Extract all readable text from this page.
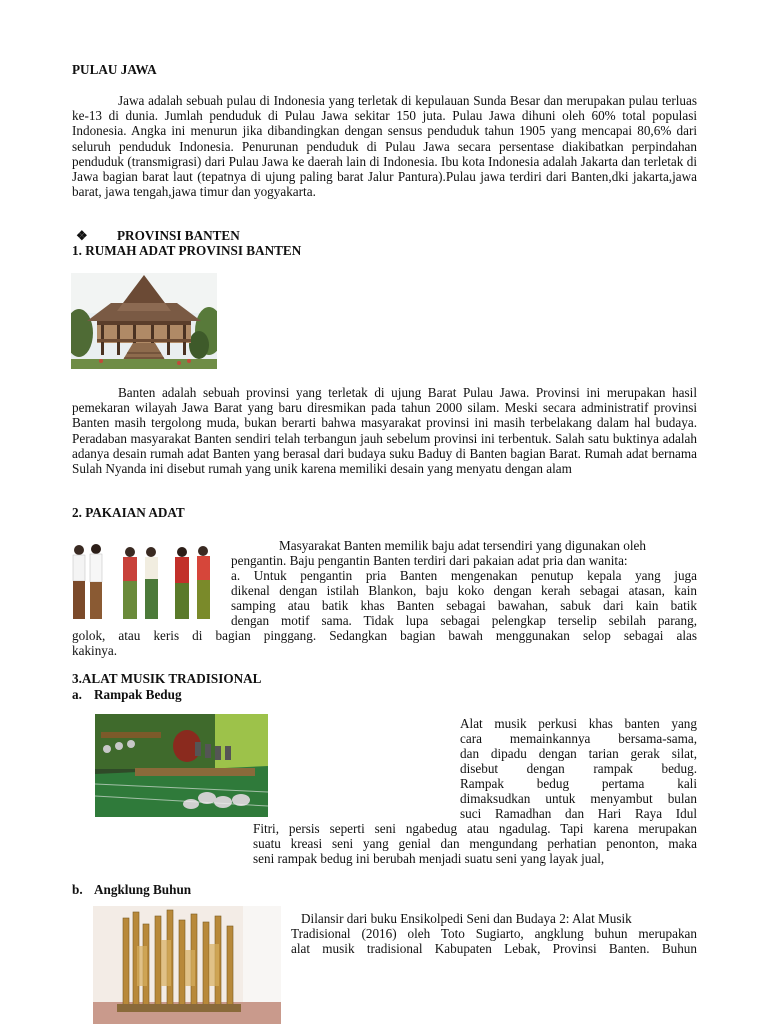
PULAU JAWA
Jawa adalah sebuah pulau di Indonesia yang terletak di kepulauan Sunda Besar dan merupakan pulau terluas ke-13 di dunia. Jumlah penduduk di Pulau Jawa sekitar 150 juta. Pulau Jawa dihuni oleh 60% total populasi Indonesia. Angka ini menurun jika dibandingkan dengan sensus penduduk tahun 1905 yang mencapai 80,6% dari seluruh penduduk Indonesia. Penurunan penduduk di Pulau Jawa secara persentase diakibatkan perpindahan penduduk (transmigrasi) dari Pulau Jawa ke daerah lain di Indonesia. Ibu kota Indonesia adalah Jakarta dan terletak di Jawa bagian barat laut (tepatnya di ujung paling barat Jalur Pantura).Pulau jawa terdiri dari Banten,dki jakarta,jawa barat, jawa tengah,jawa timur dan yogyakarta.
❖ PROVINSI BANTEN
1. RUMAH ADAT PROVINSI BANTEN
Banten adalah sebuah provinsi yang terletak di ujung Barat Pulau Jawa. Provinsi ini merupakan hasil pemekaran wilayah Jawa Barat yang baru diresmikan pada tahun 2000 silam. Meski secara administratif provinsi Banten masih tergolong muda, bukan berarti bahwa masyarakat provinsi ini masih terbelakang dalam hal budaya. Peradaban masyarakat Banten sendiri telah terbangun jauh sebelum provinsi ini terbentuk. Salah satu buktinya adalah adanya desain rumah adat Banten yang berasal dari budaya suku Baduy di Banten bagian Barat. Rumah adat bernama Sulah Nyanda ini disebut rumah yang unik karena memiliki desain yang menyatu dengan alam
2. PAKAIAN ADAT
Masyarakat Banten memilik baju adat tersendiri yang digunakan oleh
pengantin. Baju pengantin Banten terdiri dari pakaian adat pria dan wanita:
a. Untuk pengantin pria Banten mengenakan penutup kepala yang juga
dikenal dengan istilah Blankon, baju koko dengan kerah sebagai atasan, kain
samping atau batik khas Banten sebagai bawahan, sabuk dari kain batik
dengan motif sama. Tidak lupa sebagai pelengkap terselip sebilah parang,
golok, atau keris di bagian pinggang. Sedangkan bagian bawah menggunakan selop sebagai alas
kakinya.
3.ALAT MUSIK TRADISIONAL
a. Rampak Bedug
Alat musik perkusi khas banten yang
cara memainkannya bersama-sama,
dan dipadu dengan tarian gerak silat,
disebut dengan rampak bedug.
Rampak bedug pertama kali
dimaksudkan untuk menyambut bulan
suci Ramadhan dan Hari Raya Idul
Fitri, persis seperti seni ngabedug atau ngadulag. Tapi karena merupakan
suatu kreasi seni yang genial dan mengundang perhatian penonton, maka
seni rampak bedug ini berubah menjadi suatu seni yang layak jual,
b. Angklung Buhun
Dilansir dari buku Ensikolpedi Seni dan Budaya 2: Alat Musik
Tradisional (2016) oleh Toto Sugiarto, angklung buhun merupakan
alat musik tradisional Kabupaten Lebak, Provinsi Banten. Buhun
